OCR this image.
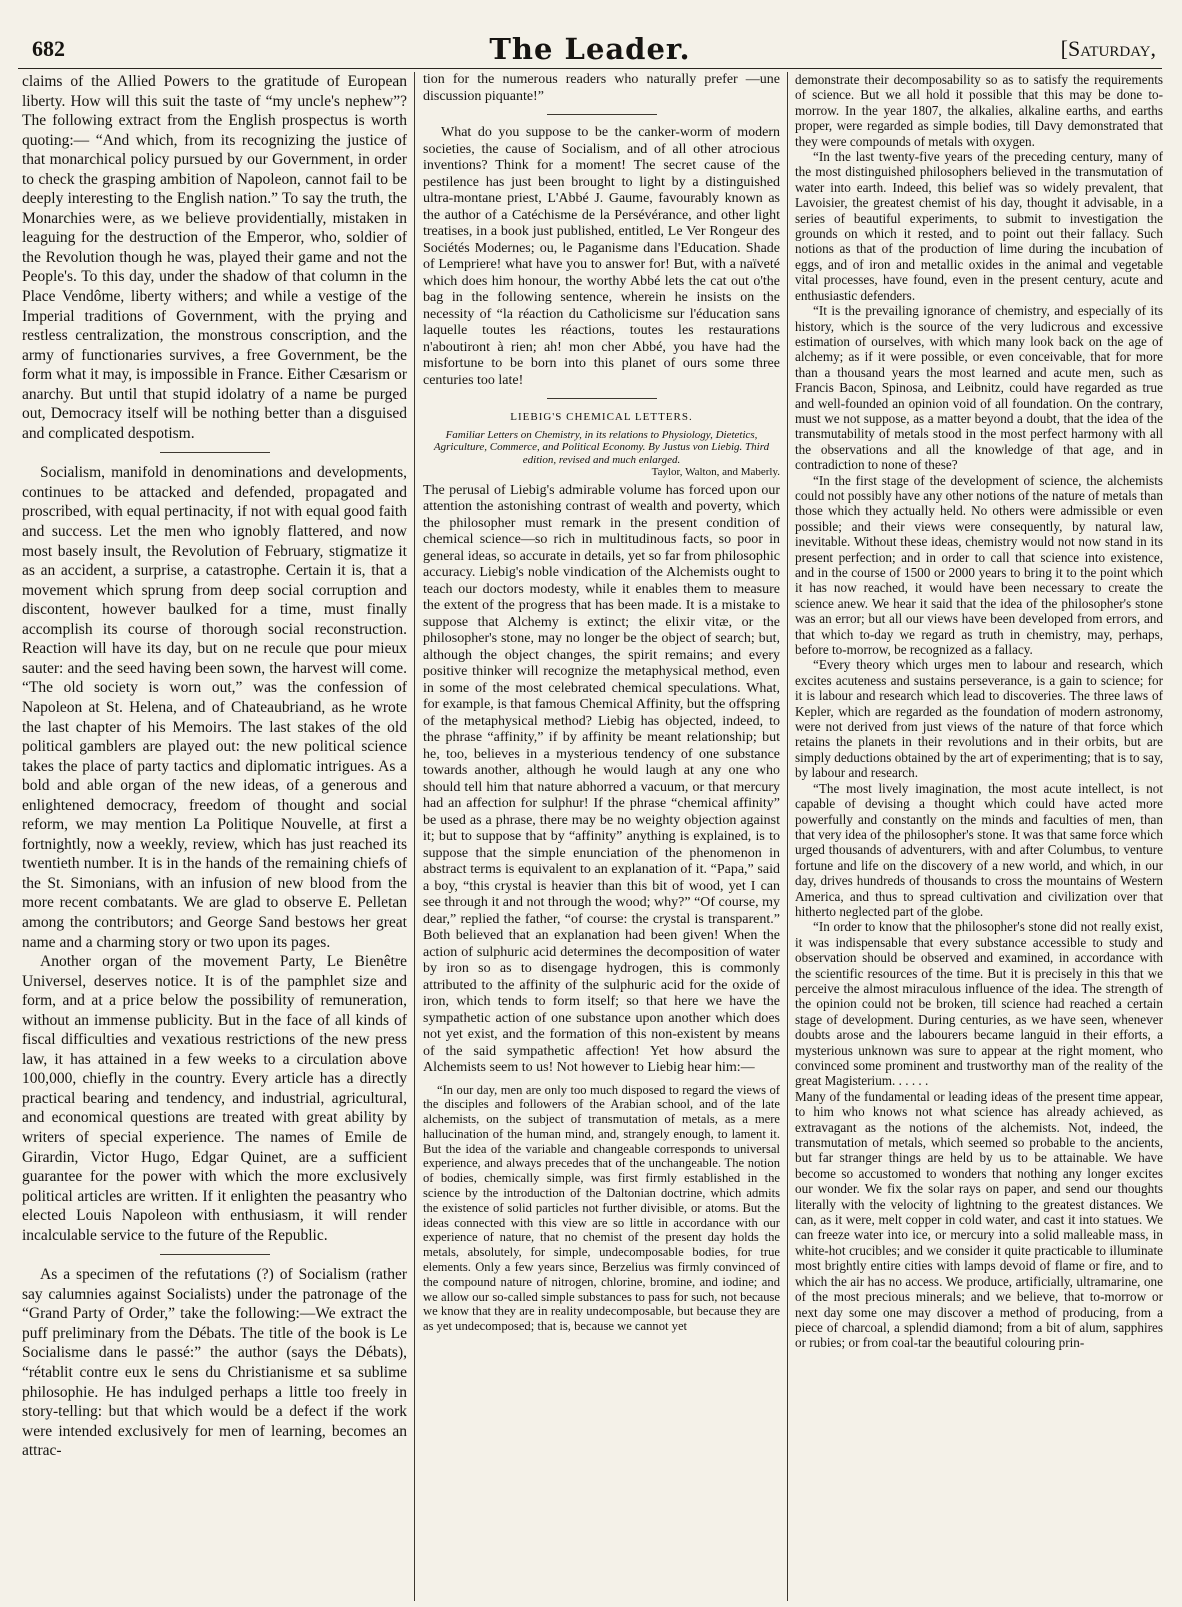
682	The Leader.	[Saturday,

claims of the Allied Powers to the gratitude of European liberty. How will this suit the taste of “my uncle's nephew”? The following extract from the English prospectus is worth quoting:— “And which, from its recognizing the justice of that monarchical policy pursued by our Government, in order to check the grasping ambition of Napoleon, cannot fail to be deeply interesting to the English nation.” To say the truth, the Monarchies were, as we believe providentially, mistaken in leaguing for the destruction of the Emperor, who, soldier of the Revolution though he was, played their game and not the People's. To this day, under the shadow of that column in the Place Vendôme, liberty withers; and while a vestige of the Imperial traditions of Government, with the prying and restless centralization, the monstrous conscription, and the army of functionaries survives, a free Government, be the form what it may, is impossible in France. Either Cæsarism or anarchy. But until that stupid idolatry of a name be purged out, Democracy itself will be nothing better than a disguised and complicated despotism.

Socialism, manifold in denominations and developments, continues to be attacked and defended, propagated and proscribed, with equal pertinacity, if not with equal good faith and success. Let the men who ignobly flattered, and now most basely insult, the Revolution of February, stigmatize it as an accident, a surprise, a catastrophe. Certain it is, that a movement which sprung from deep social corruption and discontent, however baulked for a time, must finally accomplish its course of thorough social reconstruction. Reaction will have its day, but on ne recule que pour mieux sauter: and the seed having been sown, the harvest will come. “The old society is worn out,” was the confession of Napoleon at St. Helena, and of Chateaubriand, as he wrote the last chapter of his Memoirs. The last stakes of the old political gamblers are played out: the new political science takes the place of party tactics and diplomatic intrigues. As a bold and able organ of the new ideas, of a generous and enlightened democracy, freedom of thought and social reform, we may mention La Politique Nouvelle, at first a fortnightly, now a weekly, review, which has just reached its twentieth number. It is in the hands of the remaining chiefs of the St. Simonians, with an infusion of new blood from the more recent combatants. We are glad to observe E. Pelletan among the contributors; and George Sand bestows her great name and a charming story or two upon its pages.

Another organ of the movement Party, Le Bienêtre Universel, deserves notice. It is of the pamphlet size and form, and at a price below the possibility of remuneration, without an immense publicity. But in the face of all kinds of fiscal difficulties and vexatious restrictions of the new press law, it has attained in a few weeks to a circulation above 100,000, chiefly in the country. Every article has a directly practical bearing and tendency, and industrial, agricultural, and economical questions are treated with great ability by writers of special experience. The names of Emile de Girardin, Victor Hugo, Edgar Quinet, are a sufficient guarantee for the power with which the more exclusively political articles are written. If it enlighten the peasantry who elected Louis Napoleon with enthusiasm, it will render incalculable service to the future of the Republic.

As a specimen of the refutations (?) of Socialism (rather say calumnies against Socialists) under the patronage of the “Grand Party of Order,” take the following:—We extract the puff preliminary from the Débats. The title of the book is Le Socialisme dans le passé:” the author (says the Débats), “rétablit contre eux le sens du Christianisme et sa sublime philosophie. He has indulged perhaps a little too freely in story-telling: but that which would be a defect if the work were intended exclusively for men of learning, becomes an attrac-

tion for the numerous readers who naturally prefer —une discussion piquante!”

What do you suppose to be the canker-worm of modern societies, the cause of Socialism, and of all other atrocious inventions? Think for a moment! The secret cause of the pestilence has just been brought to light by a distinguished ultra-montane priest, L'Abbé J. Gaume, favourably known as the author of a Catéchisme de la Persévérance, and other light treatises, in a book just published, entitled, Le Ver Rongeur des Sociétés Modernes; ou, le Paganisme dans l'Education. Shade of Lempriere! what have you to answer for! But, with a naïveté which does him honour, the worthy Abbé lets the cat out o'the bag in the following sentence, wherein he insists on the necessity of “la réaction du Catholicisme sur l'éducation sans laquelle toutes les réactions, toutes les restaurations n'aboutiront à rien; ah! mon cher Abbé, you have had the misfortune to be born into this planet of ours some three centuries too late!

LIEBIG'S CHEMICAL LETTERS.

Familiar Letters on Chemistry, in its relations to Physiology, Dietetics, Agriculture, Commerce, and Political Economy. By Justus von Liebig. Third edition, revised and much enlarged.

Taylor, Walton, and Maberly.

The perusal of Liebig's admirable volume has forced upon our attention the astonishing contrast of wealth and poverty, which the philosopher must remark in the present condition of chemical science—so rich in multitudinous facts, so poor in general ideas, so accurate in details, yet so far from philosophic accuracy. Liebig's noble vindication of the Alchemists ought to teach our doctors modesty, while it enables them to measure the extent of the progress that has been made. It is a mistake to suppose that Alchemy is extinct; the elixir vitæ, or the philosopher's stone, may no longer be the object of search; but, although the object changes, the spirit remains; and every positive thinker will recognize the metaphysical method, even in some of the most celebrated chemical speculations. What, for example, is that famous Chemical Affinity, but the offspring of the metaphysical method? Liebig has objected, indeed, to the phrase “affinity,” if by affinity be meant relationship; but he, too, believes in a mysterious tendency of one substance towards another, although he would laugh at any one who should tell him that nature abhorred a vacuum, or that mercury had an affection for sulphur! If the phrase “chemical affinity” be used as a phrase, there may be no weighty objection against it; but to suppose that by “affinity” anything is explained, is to suppose that the simple enunciation of the phenomenon in abstract terms is equivalent to an explanation of it. “Papa,” said a boy, “this crystal is heavier than this bit of wood, yet I can see through it and not through the wood; why?” “Of course, my dear,” replied the father, “of course: the crystal is transparent.” Both believed that an explanation had been given! When the action of sulphuric acid determines the decomposition of water by iron so as to disengage hydrogen, this is commonly attributed to the affinity of the sulphuric acid for the oxide of iron, which tends to form itself; so that here we have the sympathetic action of one substance upon another which does not yet exist, and the formation of this non-existent by means of the said sympathetic affection! Yet how absurd the Alchemists seem to us! Not however to Liebig hear him:—

“In our day, men are only too much disposed to regard the views of the disciples and followers of the Arabian school, and of the late alchemists, on the subject of transmutation of metals, as a mere hallucination of the human mind, and, strangely enough, to lament it. But the idea of the variable and changeable corresponds to universal experience, and always precedes that of the unchangeable. The notion of bodies, chemically simple, was first firmly established in the science by the introduction of the Daltonian doctrine, which admits the existence of solid particles not further divisible, or atoms. But the ideas connected with this view are so little in accordance with our experience of nature, that no chemist of the present day holds the metals, absolutely, for simple, undecomposable bodies, for true elements. Only a few years since, Berzelius was firmly convinced of the compound nature of nitrogen, chlorine, bromine, and iodine; and we allow our so-called simple substances to pass for such, not because we know that they are in reality undecomposable, but because they are as yet undecomposed; that is, because we cannot yet

demonstrate their decomposability so as to satisfy the requirements of science. But we all hold it possible that this may be done to-morrow. In the year 1807, the alkalies, alkaline earths, and earths proper, were regarded as simple bodies, till Davy demonstrated that they were compounds of metals with oxygen.

“In the last twenty-five years of the preceding century, many of the most distinguished philosophers believed in the transmutation of water into earth. Indeed, this belief was so widely prevalent, that Lavoisier, the greatest chemist of his day, thought it advisable, in a series of beautiful experiments, to submit to investigation the grounds on which it rested, and to point out their fallacy. Such notions as that of the production of lime during the incubation of eggs, and of iron and metallic oxides in the animal and vegetable vital processes, have found, even in the present century, acute and enthusiastic defenders.

“It is the prevailing ignorance of chemistry, and especially of its history, which is the source of the very ludicrous and excessive estimation of ourselves, with which many look back on the age of alchemy; as if it were possible, or even conceivable, that for more than a thousand years the most learned and acute men, such as Francis Bacon, Spinosa, and Leibnitz, could have regarded as true and well-founded an opinion void of all foundation. On the contrary, must we not suppose, as a matter beyond a doubt, that the idea of the transmutability of metals stood in the most perfect harmony with all the observations and all the knowledge of that age, and in contradiction to none of these?

“In the first stage of the development of science, the alchemists could not possibly have any other notions of the nature of metals than those which they actually held. No others were admissible or even possible; and their views were consequently, by natural law, inevitable. Without these ideas, chemistry would not now stand in its present perfection; and in order to call that science into existence, and in the course of 1500 or 2000 years to bring it to the point which it has now reached, it would have been necessary to create the science anew. We hear it said that the idea of the philosopher's stone was an error; but all our views have been developed from errors, and that which to-day we regard as truth in chemistry, may, perhaps, before to-morrow, be recognized as a fallacy.

“Every theory which urges men to labour and research, which excites acuteness and sustains perseverance, is a gain to science; for it is labour and research which lead to discoveries. The three laws of Kepler, which are regarded as the foundation of modern astronomy, were not derived from just views of the nature of that force which retains the planets in their revolutions and in their orbits, but are simply deductions obtained by the art of experimenting; that is to say, by labour and research.

“The most lively imagination, the most acute intellect, is not capable of devising a thought which could have acted more powerfully and constantly on the minds and faculties of men, than that very idea of the philosopher's stone. It was that same force which urged thousands of adventurers, with and after Columbus, to venture fortune and life on the discovery of a new world, and which, in our day, drives hundreds of thousands to cross the mountains of Western America, and thus to spread cultivation and civilization over that hitherto neglected part of the globe.

“In order to know that the philosopher's stone did not really exist, it was indispensable that every substance accessible to study and observation should be observed and examined, in accordance with the scientific resources of the time. But it is precisely in this that we perceive the almost miraculous influence of the idea. The strength of the opinion could not be broken, till science had reached a certain stage of development. During centuries, as we have seen, whenever doubts arose and the labourers became languid in their efforts, a mysterious unknown was sure to appear at the right moment, who convinced some prominent and trustworthy man of the reality of the great Magisterium. . . . . .

Many of the fundamental or leading ideas of the present time appear, to him who knows not what science has already achieved, as extravagant as the notions of the alchemists. Not, indeed, the transmutation of metals, which seemed so probable to the ancients, but far stranger things are held by us to be attainable. We have become so accustomed to wonders that nothing any longer excites our wonder. We fix the solar rays on paper, and send our thoughts literally with the velocity of lightning to the greatest distances. We can, as it were, melt copper in cold water, and cast it into statues. We can freeze water into ice, or mercury into a solid malleable mass, in white-hot crucibles; and we consider it quite practicable to illuminate most brightly entire cities with lamps devoid of flame or fire, and to which the air has no access. We produce, artificially, ultramarine, one of the most precious minerals; and we believe, that to-morrow or next day some one may discover a method of producing, from a piece of charcoal, a splendid diamond; from a bit of alum, sapphires or rubies; or from coal-tar the beautiful colouring prin-
